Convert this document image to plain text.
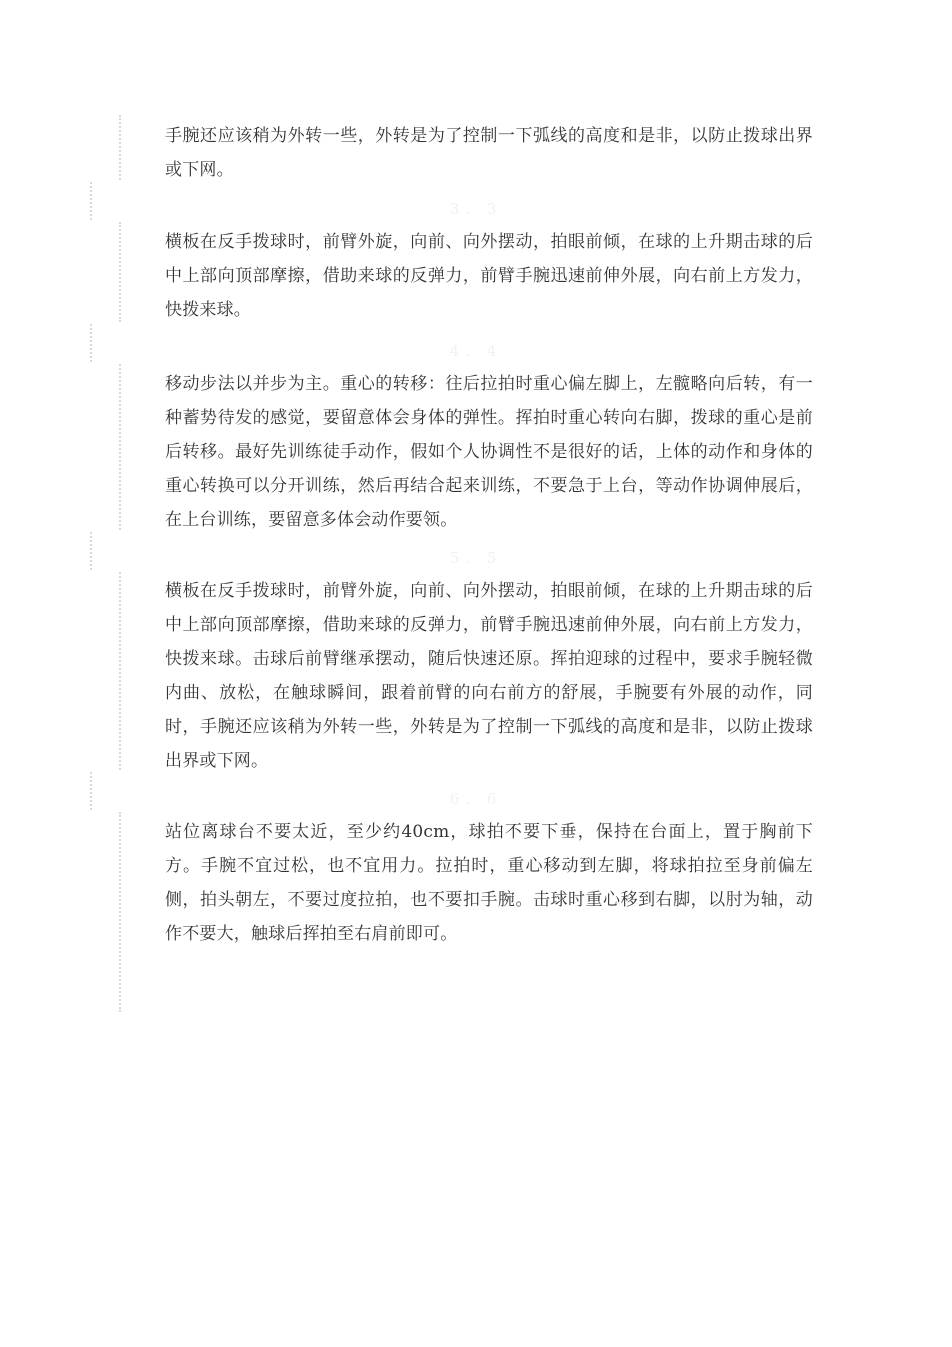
手腕还应该稍为外转一些，外转是为了控制一下弧线的高度和是非，以防止拨球出界或下网。

3. 3

横板在反手拨球时，前臂外旋，向前、向外摆动，拍眼前倾，在球的上升期击球的后中上部向顶部摩擦，借助来球的反弹力，前臂手腕迅速前伸外展，向右前上方发力，快拨来球。

4. 4

移动步法以并步为主。重心的转移：往后拉拍时重心偏左脚上，左髋略向后转，有一种蓄势待发的感觉，要留意体会身体的弹性。挥拍时重心转向右脚，拨球的重心是前后转移。最好先训练徒手动作，假如个人协调性不是很好的话，上体的动作和身体的重心转换可以分开训练，然后再结合起来训练，不要急于上台，等动作协调伸展后，在上台训练，要留意多体会动作要领。

5. 5

横板在反手拨球时，前臂外旋，向前、向外摆动，拍眼前倾，在球的上升期击球的后中上部向顶部摩擦，借助来球的反弹力，前臂手腕迅速前伸外展，向右前上方发力，快拨来球。击球后前臂继承摆动，随后快速还原。挥拍迎球的过程中，要求手腕轻微内曲、放松，在触球瞬间，跟着前臂的向右前方的舒展，手腕要有外展的动作，同时，手腕还应该稍为外转一些，外转是为了控制一下弧线的高度和是非，以防止拨球出界或下网。

6. 6

站位离球台不要太近，至少约40cm，球拍不要下垂，保持在台面上，置于胸前下方。手腕不宜过松，也不宜用力。拉拍时，重心移动到左脚，将球拍拉至身前偏左侧，拍头朝左，不要过度拉拍，也不要扣手腕。击球时重心移到右脚，以肘为轴，动作不要大，触球后挥拍至右肩前即可。
